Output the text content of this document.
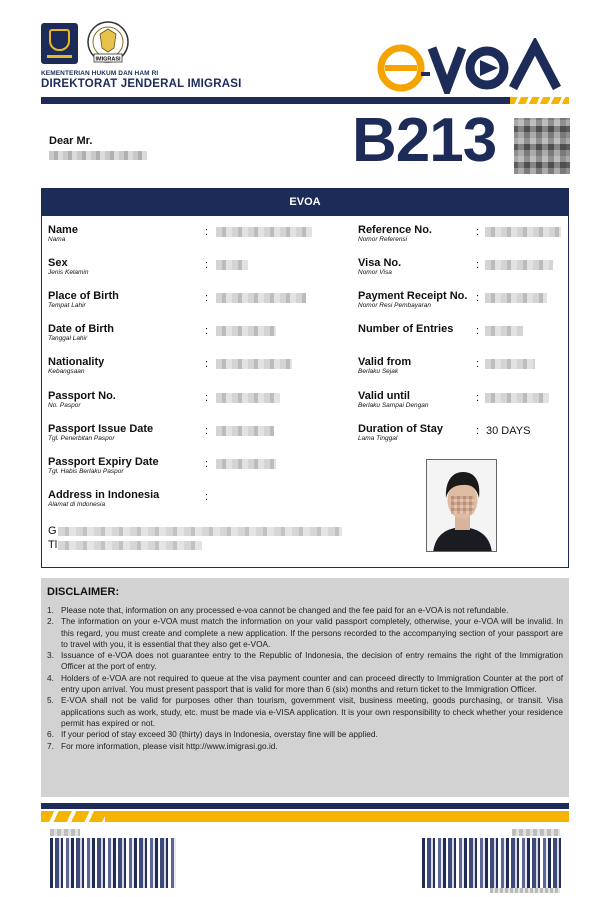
IMIGRASI
KEMENTERIAN HUKUM DAN HAM RI
DIREKTORAT JENDERAL IMIGRASI
Dear Mr.	B213
EVOA
Name
Nama
Sex
Jenis Kelamin
Place of Birth
Tempat Lahir
Date of Birth
Tanggal Lahir
Nationality
Kebangsaan
Passport No.
No. Paspor
Passport Issue Date
Tgl. Penerbitan Paspor
Passport Expiry Date
Tgl. Habis Berlaku Paspor
Address in Indonesia
Alamat di Indonesia
:
:
:
:
:
:
:
:
:
Reference No.
Nomor Referensi
Visa No.
Nomor Visa
Payment Receipt No.
Nomor Resi Pembayaran
Number of Entries
Valid from
Berlaku Sejak
Valid until
Berlaku Sampai Dengan
Duration of Stay
Lama Tinggal
:
:
:
:
:
:
: 30 DAYS
G
Tl
DISCLAIMER:
1. Please note that, information on any processed e-voa cannot be changed and the fee paid for an e-VOA is not refundable.
2. The information on your e-VOA must match the information on your valid passport completely, otherwise, your e-VOA will be invalid. In this regard, you must create and complete a new application. If the persons recorded to the accompanying section of your passport are to travel with you, it is essential that they also get e-VOA.
3. Issuance of e-VOA does not guarantee entry to the Republic of Indonesia, the decision of entry remains the right of the Immigration Officer at the port of entry.
4. Holders of e-VOA are not required to queue at the visa payment counter and can proceed directly to Immigration Counter at the port of entry upon arrival. You must present passport that is valid for more than 6 (six) months and return ticket to the Immigration Officer.
5. E-VOA shall not be valid for purposes other than tourism, government visit, business meeting, goods purchasing, or transit. Visa applications such as work, study, etc. must be made via e-VISA application. It is your own responsibility to check whether your residence permit has expired or not.
6. If your period of stay exceed 30 (thirty) days in Indonesia, overstay fine will be applied.
7. For more information, please visit http://www.imigrasi.go.id.
